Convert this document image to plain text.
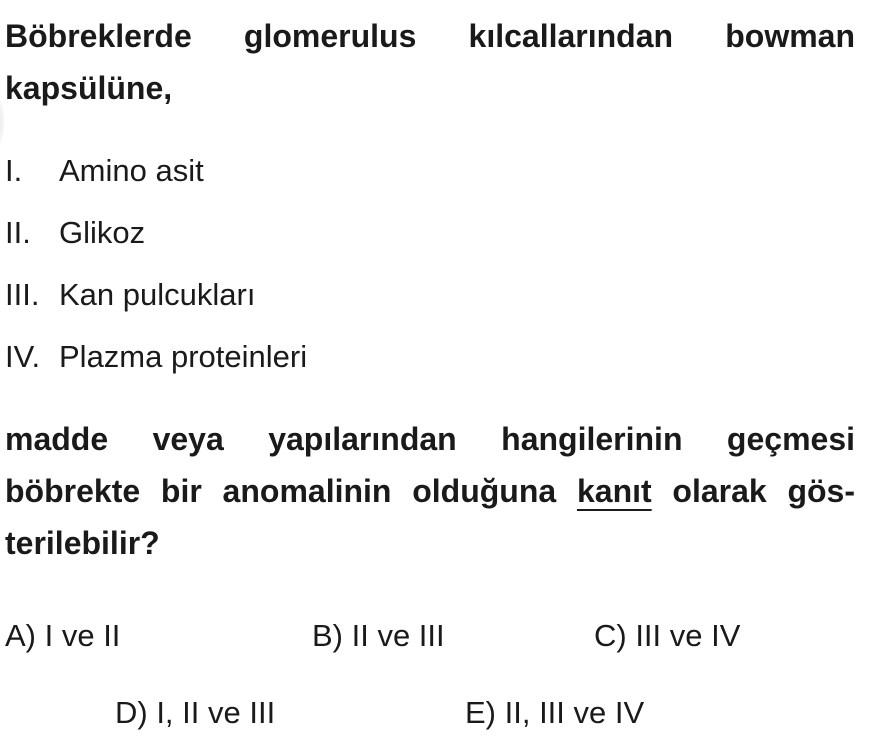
Böbreklerde glomerulus kılcallarından bowman kapsülüne,

I.	Amino asit
II. Glikoz
III. Kan pulcukları
IV. Plazma proteinleri

madde veya yapılarından hangilerinin geçmesi böbrekte bir anomalinin olduğuna kanıt olarak gös-terilebilir?

A) I ve II	B) II ve III	C) III ve IV
D) I, II ve III	E) II, III ve IV
